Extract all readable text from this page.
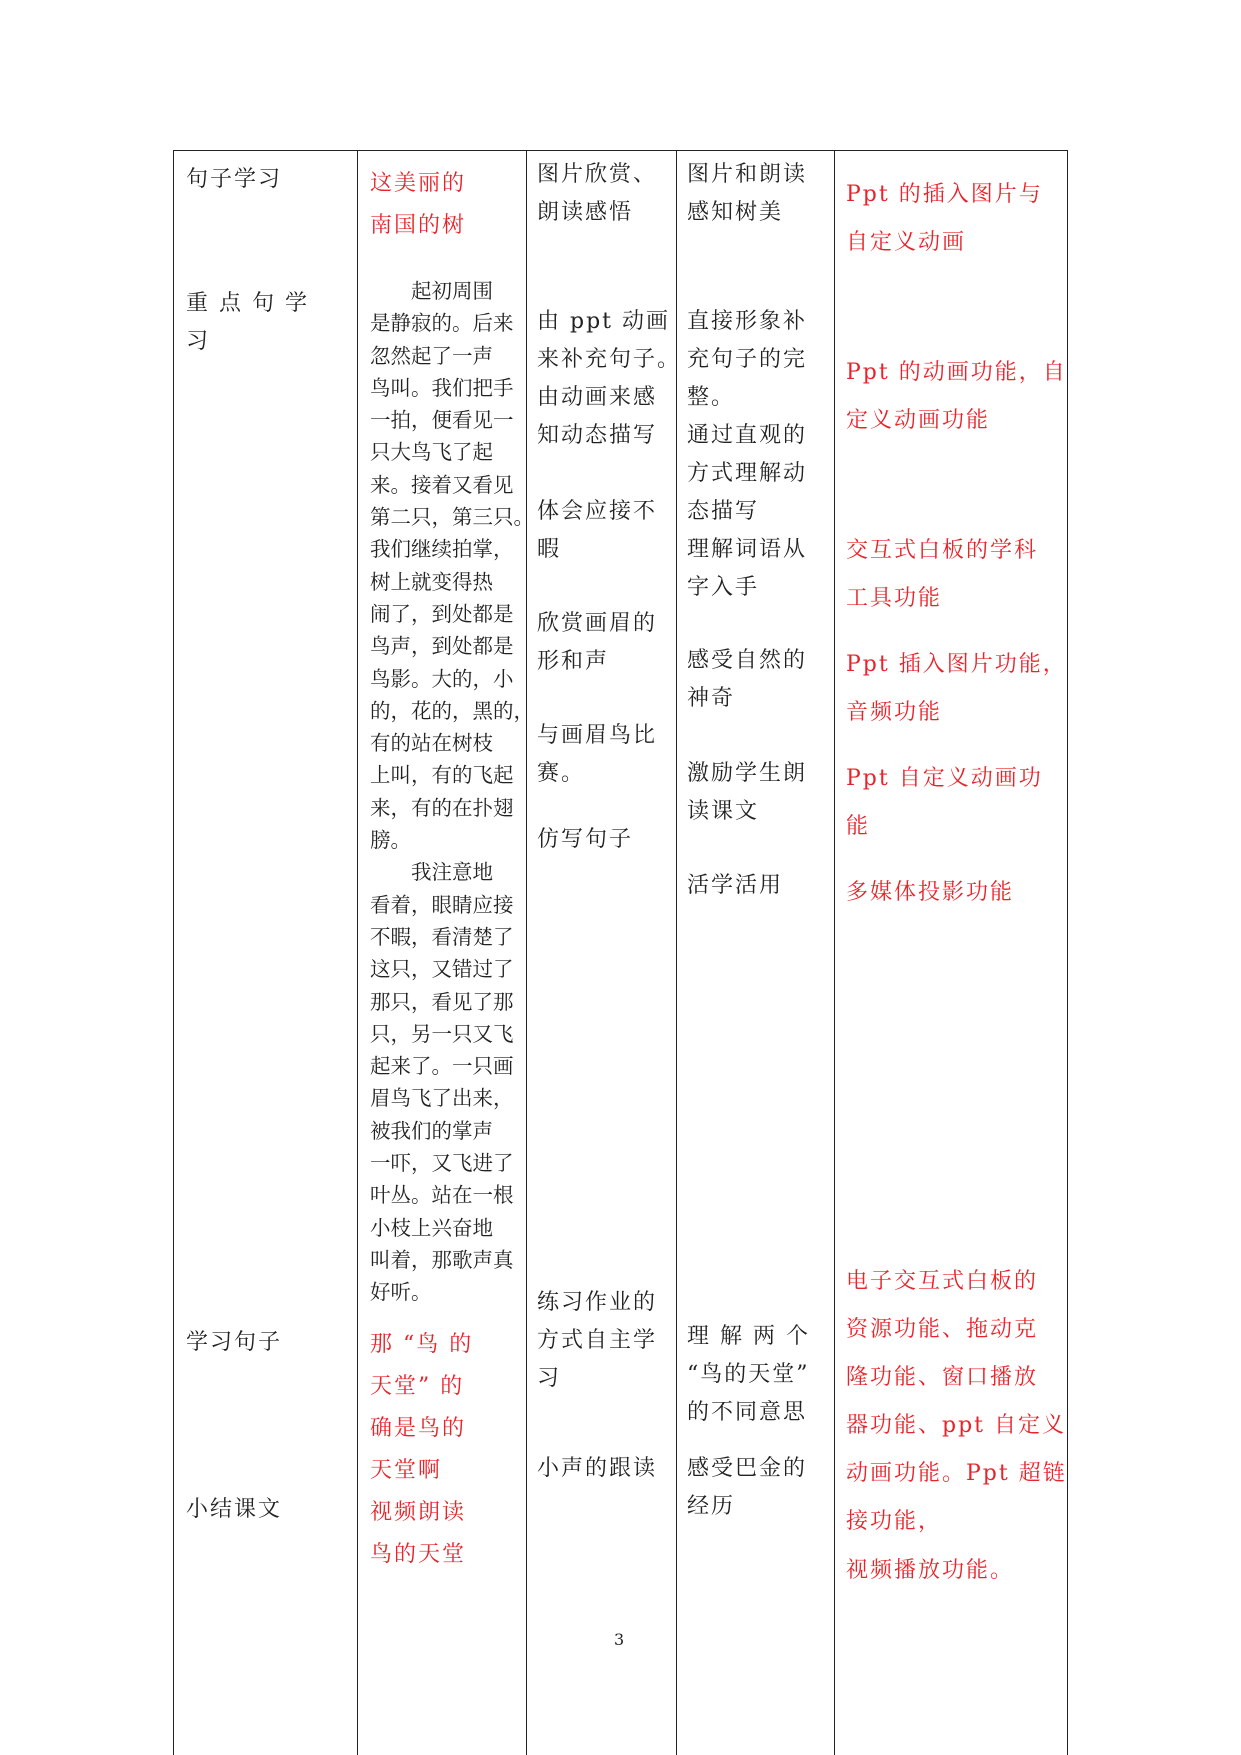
句子学习
重 点 句 学
习
学习句子
小结课文
这美丽的
南国的树
　　起初周围
是静寂的。后来
忽然起了一声
鸟叫。我们把手
一拍，便看见一
只大鸟飞了起
来。接着又看见
第二只，第三只。
我们继续拍掌，
树上就变得热
闹了，到处都是
鸟声，到处都是
鸟影。大的，小
的，花的，黑的，
有的站在树枝
上叫，有的飞起
来，有的在扑翅
膀。
　　我注意地
看着，眼睛应接
不暇，看清楚了
这只，又错过了
那只，看见了那
只，另一只又飞
起来了。一只画
眉鸟飞了出来，
被我们的掌声
一吓，又飞进了
叶丛。站在一根
小枝上兴奋地
叫着，那歌声真
好听。
那 “鸟 的
天堂” 的
确是鸟的
天堂啊
视频朗读
鸟的天堂
图片欣赏、
朗读感悟
由 ppt 动画
来补充句子。
由动画来感
知动态描写
体会应接不
暇
欣赏画眉的
形和声
与画眉鸟比
赛。
仿写句子
练习作业的
方式自主学
习
小声的跟读
图片和朗读
感知树美
直接形象补
充句子的完
整。
通过直观的
方式理解动
态描写
理解词语从
字入手
感受自然的
神奇
激励学生朗
读课文
活学活用
理 解 两 个
“鸟的天堂”
的不同意思
感受巴金的
经历
Ppt 的插入图片与
自定义动画
Ppt 的动画功能，自
定义动画功能
交互式白板的学科
工具功能
Ppt 插入图片功能，
音频功能
Ppt 自定义动画功
能
多媒体投影功能
电子交互式白板的
资源功能、拖动克
隆功能、窗口播放
器功能、ppt 自定义
动画功能。Ppt 超链
接功能，
视频播放功能。
3
